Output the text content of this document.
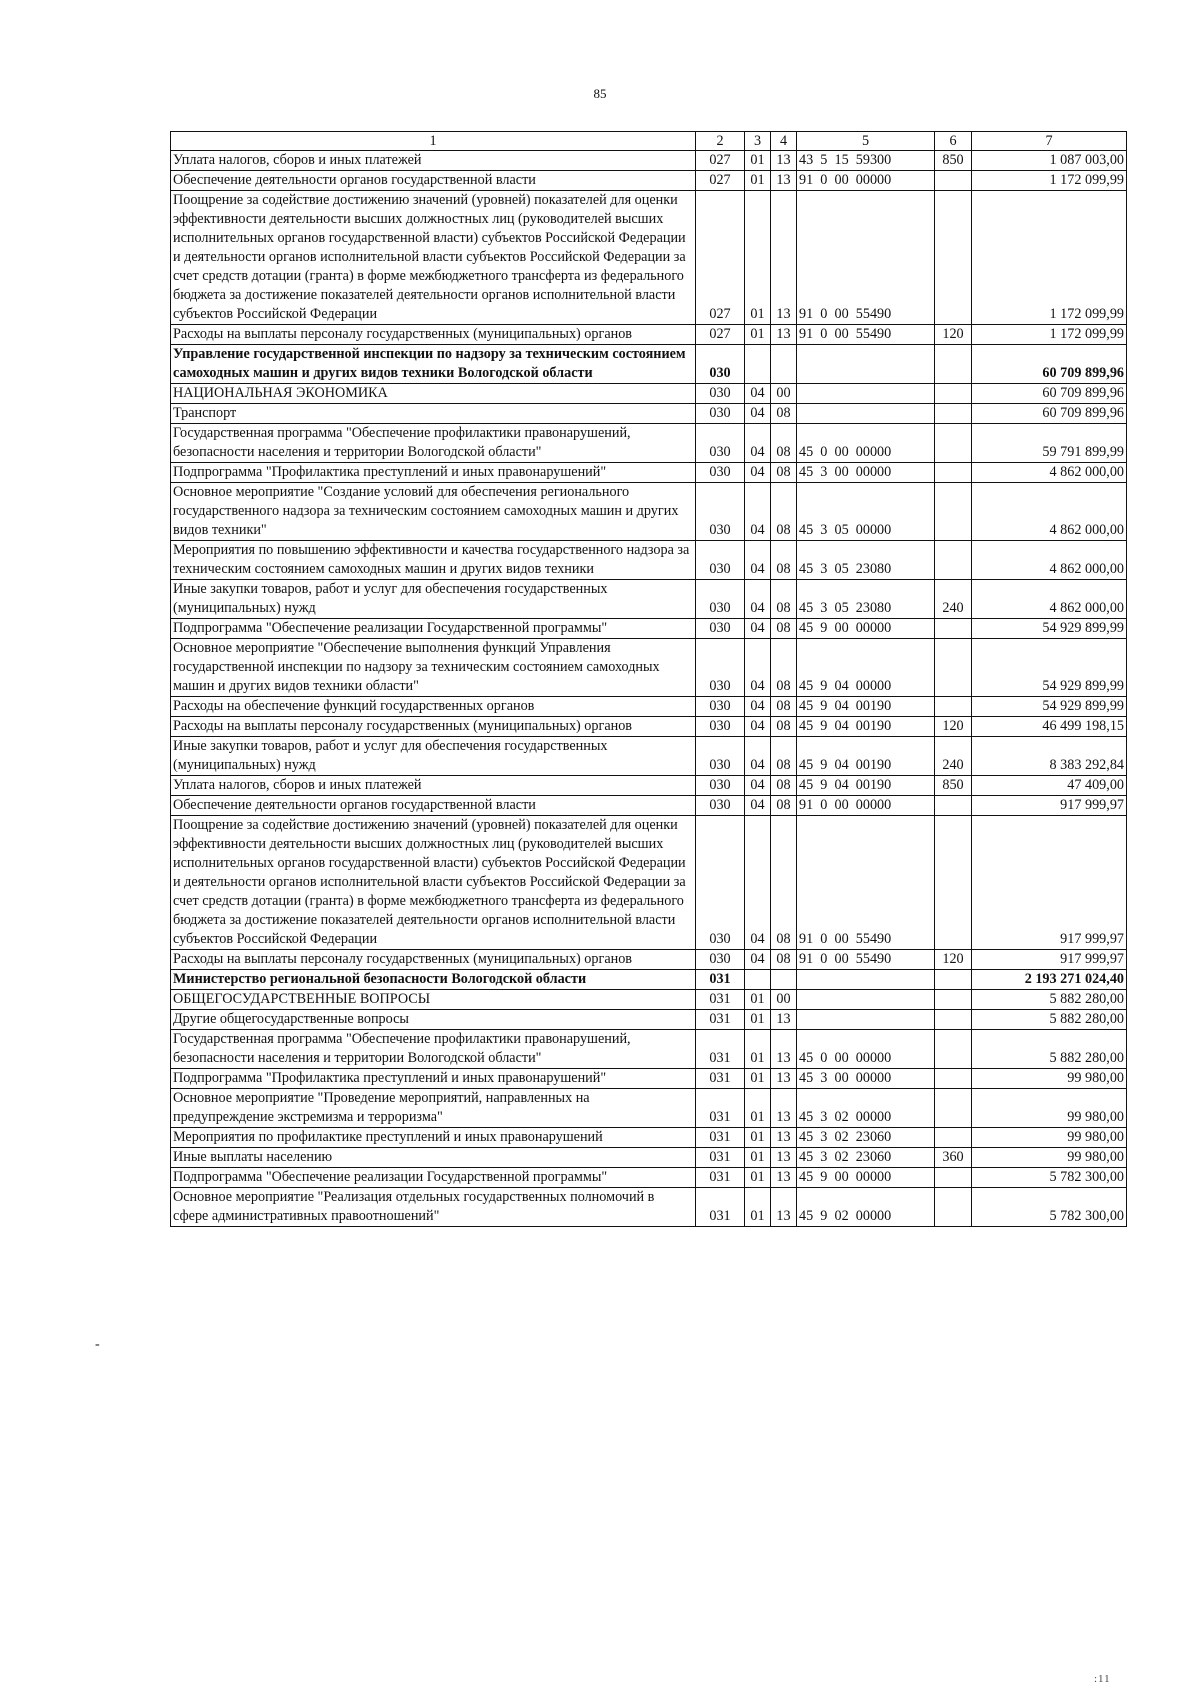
85
1	2	3	4	5	6	7
Уплата налогов, сборов и иных платежей	027	01	13	43  5  15  59300	850	1 087 003,00
Обеспечение деятельности органов государственной власти	027	01	13	91  0  00  00000		1 172 099,99
Поощрение за содействие достижению значений (уровней) показателей для оценки эффективности деятельности высших должностных лиц (руководителей высших исполнительных органов государственной власти) субъектов Российской Федерации и деятельности органов исполнительной власти субъектов Российской Федерации за счет средств дотации (гранта) в форме межбюджетного трансферта из федерального бюджета за достижение показателей деятельности органов исполнительной власти субъектов Российской Федерации	027	01	13	91  0  00  55490		1 172 099,99
Расходы на выплаты персоналу государственных (муниципальных) органов	027	01	13	91  0  00  55490	120	1 172 099,99
Управление государственной инспекции по надзору за техническим состоянием самоходных машин и других видов техники Вологодской области	030					60 709 899,96
НАЦИОНАЛЬНАЯ ЭКОНОМИКА	030	04	00			60 709 899,96
Транспорт	030	04	08			60 709 899,96
Государственная программа "Обеспечение профилактики правонарушений, безопасности населения и территории Вологодской области"	030	04	08	45  0  00  00000		59 791 899,99
Подпрограмма "Профилактика преступлений и иных правонарушений"	030	04	08	45  3  00  00000		4 862 000,00
Основное мероприятие "Создание условий для обеспечения регионального государственного надзора за техническим состоянием самоходных машин и других видов техники"	030	04	08	45  3  05  00000		4 862 000,00
Мероприятия по повышению эффективности и качества государственного надзора за техническим состоянием самоходных машин и других видов техники	030	04	08	45  3  05  23080		4 862 000,00
Иные закупки товаров, работ и услуг для обеспечения государственных (муниципальных) нужд	030	04	08	45  3  05  23080	240	4 862 000,00
Подпрограмма "Обеспечение реализации Государственной программы"	030	04	08	45  9  00  00000		54 929 899,99
Основное мероприятие "Обеспечение выполнения функций Управления государственной инспекции по надзору за техническим состоянием самоходных машин и других видов техники области"	030	04	08	45  9  04  00000		54 929 899,99
Расходы на обеспечение функций государственных органов	030	04	08	45  9  04  00190		54 929 899,99
Расходы на выплаты персоналу государственных (муниципальных) органов	030	04	08	45  9  04  00190	120	46 499 198,15
Иные закупки товаров, работ и услуг для обеспечения государственных (муниципальных) нужд	030	04	08	45  9  04  00190	240	8 383 292,84
Уплата налогов, сборов и иных платежей	030	04	08	45  9  04  00190	850	47 409,00
Обеспечение деятельности органов государственной власти	030	04	08	91  0  00  00000		917 999,97
Поощрение за содействие достижению значений (уровней) показателей для оценки эффективности деятельности высших должностных лиц (руководителей высших исполнительных органов государственной власти) субъектов Российской Федерации и деятельности органов исполнительной власти субъектов Российской Федерации за счет средств дотации (гранта) в форме межбюджетного трансферта из федерального бюджета за достижение показателей деятельности органов исполнительной власти субъектов Российской Федерации	030	04	08	91  0  00  55490		917 999,97
Расходы на выплаты персоналу государственных (муниципальных) органов	030	04	08	91  0  00  55490	120	917 999,97
Министерство региональной безопасности Вологодской области	031					2 193 271 024,40
ОБЩЕГОСУДАРСТВЕННЫЕ ВОПРОСЫ	031	01	00			5 882 280,00
Другие общегосударственные вопросы	031	01	13			5 882 280,00
Государственная программа "Обеспечение профилактики правонарушений, безопасности населения и территории Вологодской области"	031	01	13	45  0  00  00000		5 882 280,00
Подпрограмма "Профилактика преступлений и иных правонарушений"	031	01	13	45  3  00  00000		99 980,00
Основное мероприятие "Проведение мероприятий, направленных на предупреждение экстремизма и терроризма"	031	01	13	45  3  02  00000		99 980,00
Мероприятия по профилактике преступлений и иных правонарушений	031	01	13	45  3  02  23060		99 980,00
Иные выплаты населению	031	01	13	45  3  02  23060	360	99 980,00
Подпрограмма "Обеспечение реализации Государственной программы"	031	01	13	45  9  00  00000		5 782 300,00
Основное мероприятие "Реализация отдельных государственных полномочий в сфере административных правоотношений"	031	01	13	45  9  02  00000		5 782 300,00
-
:11
